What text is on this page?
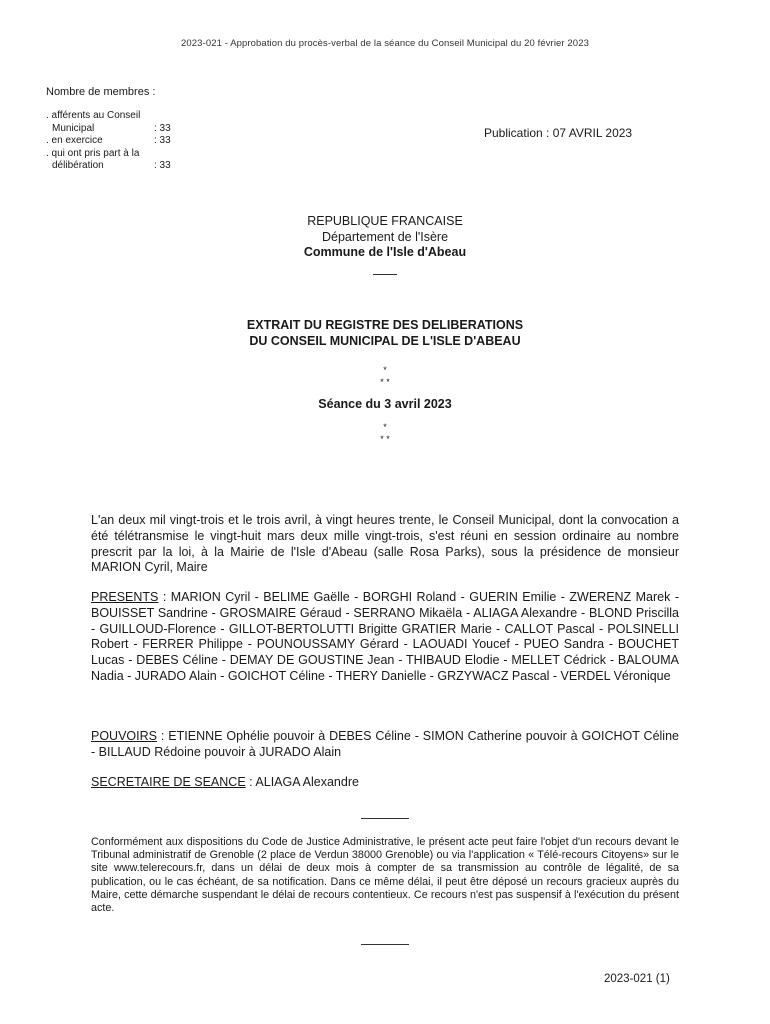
2023-021 - Approbation du procès-verbal de la séance du Conseil Municipal du 20 février 2023
Nombre de membres :
. afférents au Conseil
Municipal	: 33
. en exercice	: 33
. qui ont pris part à la
délibération	: 33
Publication : 07 AVRIL 2023
REPUBLIQUE FRANCAISE
Département de l'Isère
Commune de l'Isle d'Abeau
EXTRAIT DU REGISTRE DES DELIBERATIONS
DU CONSEIL MUNICIPAL DE L'ISLE D'ABEAU
*
* *
Séance du 3 avril 2023
*
* *
L'an deux mil vingt-trois et le trois avril, à vingt heures trente, le Conseil Municipal, dont la convocation a été télétransmise le vingt-huit mars deux mille vingt-trois, s'est réuni en session ordinaire au nombre prescrit par la loi, à la Mairie de l'Isle d'Abeau (salle Rosa Parks), sous la présidence de monsieur MARION Cyril, Maire
PRESENTS : MARION Cyril - BELIME Gaëlle - BORGHI Roland - GUERIN Emilie - ZWERENZ Marek - BOUISSET Sandrine - GROSMAIRE Géraud - SERRANO Mikaëla - ALIAGA Alexandre - BLOND Priscilla - GUILLOUD-Florence - GILLOT-BERTOLUTTI Brigitte GRATIER Marie - CALLOT Pascal - POLSINELLI Robert - FERRER Philippe - POUNOUSSAMY Gérard - LAOUADI Youcef - PUEO Sandra - BOUCHET Lucas - DEBES Céline - DEMAY DE GOUSTINE Jean - THIBAUD Elodie - MELLET Cédrick - BALOUMA Nadia - JURADO Alain - GOICHOT Céline - THERY Danielle - GRZYWACZ Pascal - VERDEL Véronique
POUVOIRS : ETIENNE Ophélie pouvoir à DEBES Céline - SIMON Catherine pouvoir à GOICHOT Céline - BILLAUD Rédoine pouvoir à JURADO Alain
SECRETAIRE DE SEANCE : ALIAGA Alexandre
Conformément aux dispositions du Code de Justice Administrative, le présent acte peut faire l'objet d'un recours devant le Tribunal administratif de Grenoble (2 place de Verdun 38000 Grenoble) ou via l'application « Télé-recours Citoyens» sur le site www.telerecours.fr, dans un délai de deux mois à compter de sa transmission au contrôle de légalité, de sa publication, ou le cas échéant, de sa notification. Dans ce même délai, il peut être déposé un recours gracieux auprès du Maire, cette démarche suspendant le délai de recours contentieux. Ce recours n'est pas suspensif à l'exécution du présent acte.
2023-021 (1)
